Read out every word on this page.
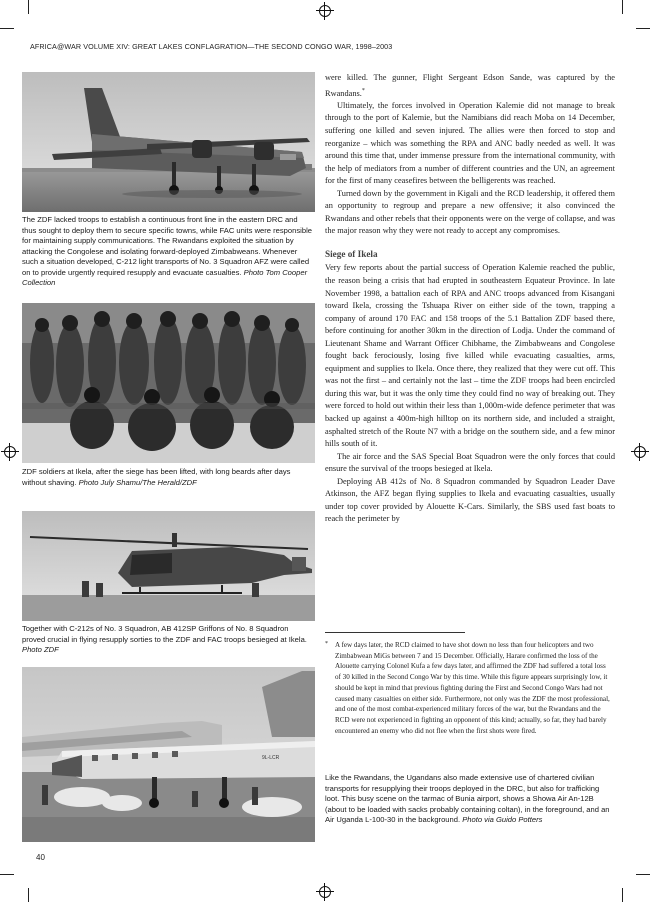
AFRICA@WAR VOLUME XIV: GREAT LAKES CONFLAGRATION—THE SECOND CONGO WAR, 1998–2003
The ZDF lacked troops to establish a continuous front line in the eastern DRC and thus sought to deploy them to secure specific towns, while FAC units were responsible for maintaining supply communications. The Rwandans exploited the situation by attacking the Congolese and isolating forward-deployed Zimbabweans. Whenever such a situation developed, C-212 light transports of No. 3 Squadron AFZ were called on to provide urgently required resupply and evacuate casualties. Photo Tom Cooper Collection
ZDF soldiers at Ikela, after the siege has been lifted, with long beards after days without shaving. Photo July Shamu/The Herald/ZDF
Together with C-212s of No. 3 Squadron, AB 412SP Griffons of No. 8 Squadron proved crucial in flying resupply sorties to the ZDF and FAC troops besieged at Ikela. Photo ZDF
9L-LCR

were killed. The gunner, Flight Sergeant Edson Sande, was captured by the Rwandans.*

Ultimately, the forces involved in Operation Kalemie did not manage to break through to the port of Kalemie, but the Namibians did reach Moba on 14 December, suffering one killed and seven injured. The allies were then forced to stop and reorganize – which was something the RPA and ANC badly needed as well. It was around this time that, under immense pressure from the international community, with the help of mediators from a number of different countries and the UN, an agreement for the first of many ceasefires between the belligerents was reached.

Turned down by the government in Kigali and the RCD leadership, it offered them an opportunity to regroup and prepare a new offensive; it also convinced the Rwandans and other rebels that their opponents were on the verge of collapse, and was the major reason why they were not ready to accept any compromises.

Siege of Ikela

Very few reports about the partial success of Operation Kalemie reached the public, the reason being a crisis that had erupted in southeastern Equateur Province. In late November 1998, a battalion each of RPA and ANC troops advanced from Kisangani toward Ikela, crossing the Tshuapa River on either side of the town, trapping a company of around 170 FAC and 158 troops of the 5.1 Battalion ZDF based there, before continuing for another 30km in the direction of Lodja. Under the command of Lieutenant Shame and Warrant Officer Chibhame, the Zimbabweans and Congolese fought back ferociously, losing five killed while evacuating casualties, arms, equipment and supplies to Ikela. Once there, they realized that they were cut off. This was not the first – and certainly not the last – time the ZDF troops had been encircled during this war, but it was the only time they could find no way of breaking out. They were forced to hold out within their less than 1,000m-wide defence perimeter that was backed up against a 400m-high hilltop on its northern side, and included a straight, asphalted stretch of the Route N7 with a bridge on the southern side, and a few minor hills south of it.

The air force and the SAS Special Boat Squadron were the only forces that could ensure the survival of the troops besieged at Ikela.

Deploying AB 412s of No. 8 Squadron commanded by Squadron Leader Dave Atkinson, the AFZ began flying supplies to Ikela and evacuating casualties, usually under top cover provided by Alouette K-Cars. Similarly, the SBS used fast boats to reach the perimeter by

* A few days later, the RCD claimed to have shot down no less than four helicopters and two Zimbabwean MiGs between 7 and 15 December. Officially, Harare confirmed the loss of the Alouette carrying Colonel Kufa a few days later, and affirmed the ZDF had suffered a total loss of 30 killed in the Second Congo War by this time. While this figure appears surprisingly low, it should be kept in mind that previous fighting during the First and Second Congo Wars had not caused many casualties on either side. Furthermore, not only was the ZDF the most professional, and one of the most combat-experienced military forces of the war, but the Rwandans and the RCD were not experienced in fighting an opponent of this kind; actually, so far, they had barely encountered an enemy who did not flee when the first shots were fired.
Like the Rwandans, the Ugandans also made extensive use of chartered civilian transports for resupplying their troops deployed in the DRC, but also for trafficking loot. This busy scene on the tarmac of Bunia airport, shows a Showa Air An-12B (about to be loaded with sacks probably containing coltan), in the foreground, and an Air Uganda L-100-30 in the background. Photo via Guido Potters
40
